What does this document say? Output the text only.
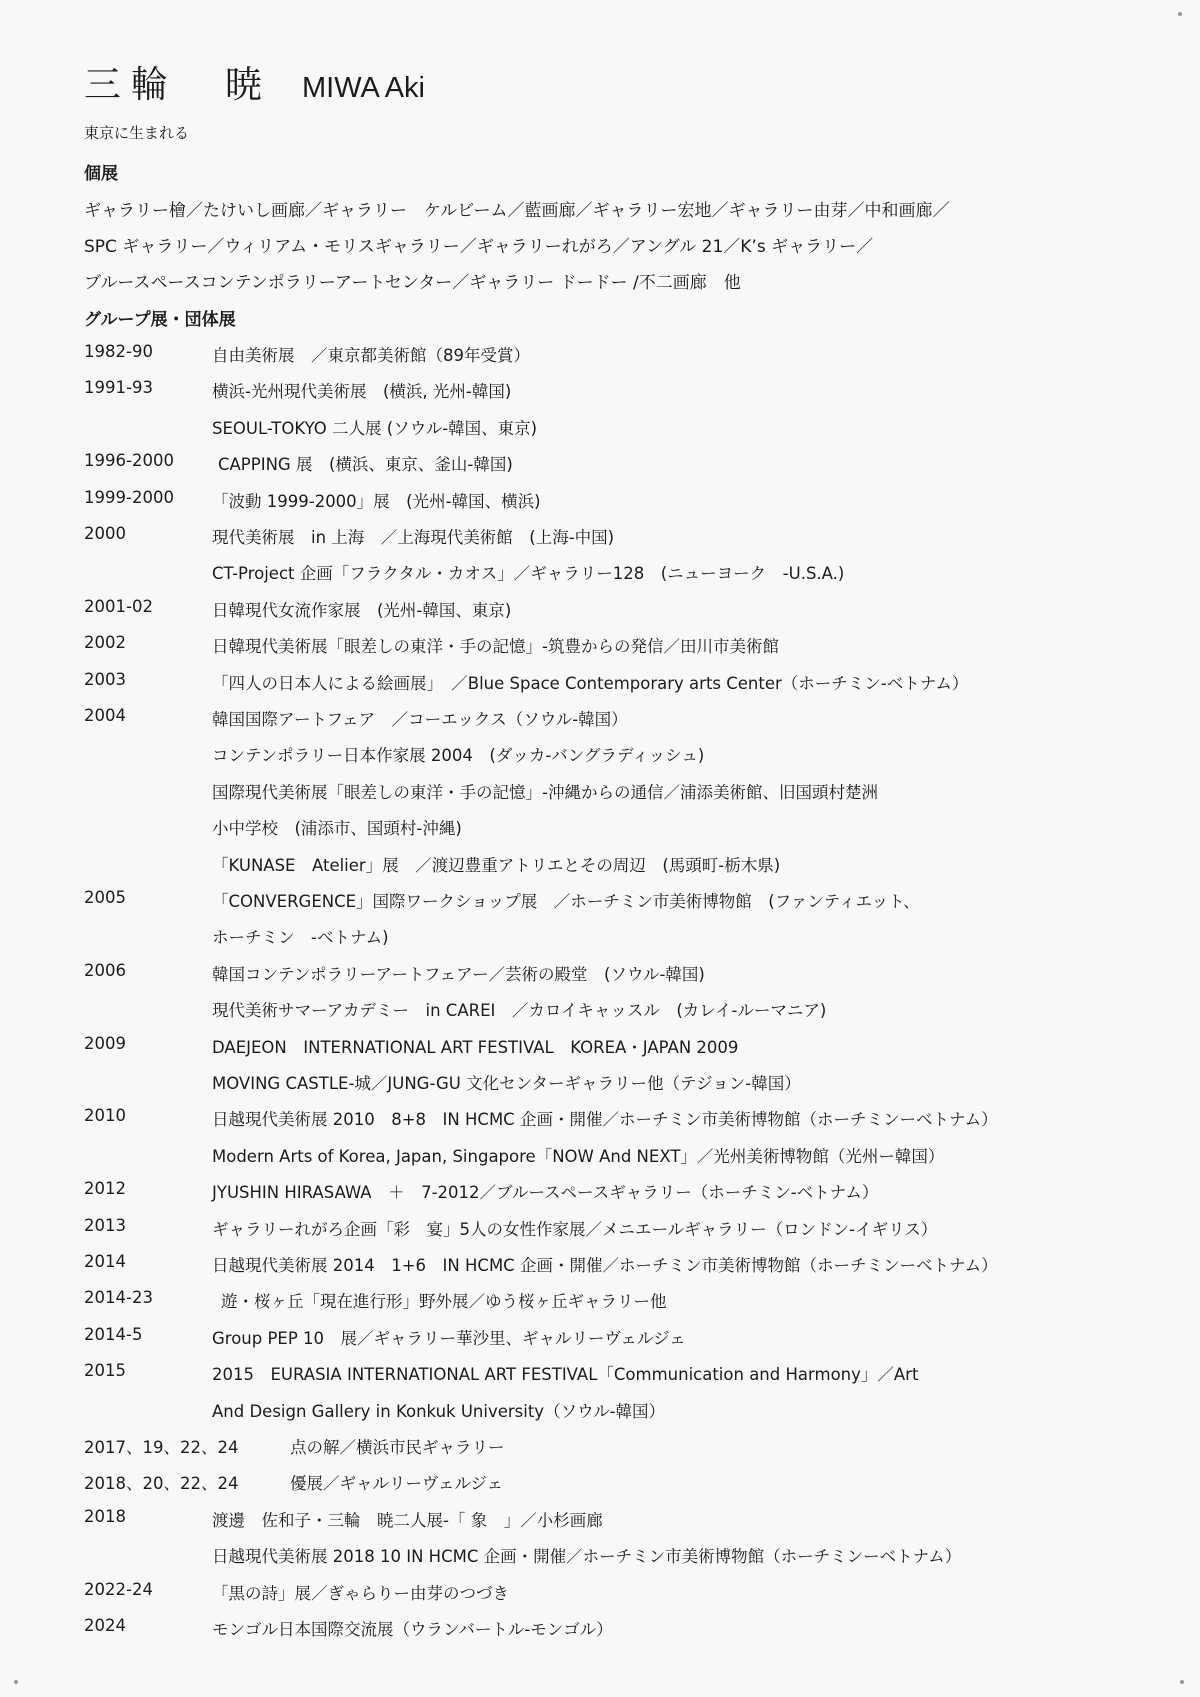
三輪　暁 MIWA Aki
東京に生まれる
個展
ギャラリー檜／たけいし画廊／ギャラリー　ケルビーム／藍画廊／ギャラリー宏地／ギャラリー由芽／中和画廊／
SPC ギャラリー／ウィリアム・モリスギャラリー／ギャラリーれがろ／アングル 21／K’s ギャラリー／
ブルースペースコンテンポラリーアートセンター／ギャラリー ドードー /不二画廊　他
グループ展・団体展
1982-90	自由美術展　／東京都美術館（89年受賞）
1991-93	横浜-光州現代美術展　(横浜, 光州-韓国)
SEOUL-TOKYO 二人展 (ソウル-韓国、東京)
1996-2000	CAPPING 展　(横浜、東京、釜山-韓国)
1999-2000 「波動 1999-2000」展　(光州-韓国、横浜)
2000	現代美術展　in 上海　／上海現代美術館　(上海-中国)
CT-Project 企画「フラクタル・カオス」／ギャラリー128　(ニューヨーク　-U.S.A.)
2001-02	日韓現代女流作家展　(光州-韓国、東京)
2002	日韓現代美術展「眼差しの東洋・手の記憶」-筑豊からの発信／田川市美術館
2003	「四人の日本人による絵画展」　／Blue Space Contemporary arts Center（ホーチミン-ベトナム）
2004	韓国国際アートフェア　／コーエックス（ソウル-韓国）
コンテンポラリー日本作家展 2004　(ダッカ-バングラディッシュ)
国際現代美術展「眼差しの東洋・手の記憶」-沖縄からの通信／浦添美術館、旧国頭村楚洲
小中学校　(浦添市、国頭村-沖縄)
「KUNASE　Atelier」展　／渡辺豊重アトリエとその周辺　(馬頭町-栃木県)
2005	「CONVERGENCE」国際ワークショップ展　／ホーチミン市美術博物館　(ファンティエット、
ホーチミン　-ベトナム)
2006	韓国コンテンポラリーアートフェアー／芸術の殿堂　(ソウル-韓国)
現代美術サマーアカデミー　in CAREI　／カロイキャッスル　(カレイ-ルーマニア)
2009	DAEJEON　INTERNATIONAL ART FESTIVAL　KOREA・JAPAN 2009
MOVING CASTLE-城／JUNG-GU 文化センターギャラリー他（テジョン-韓国）
2010	日越現代美術展 2010　8+8　IN HCMC 企画・開催／ホーチミン市美術博物館（ホーチミンーベトナム）
Modern Arts of Korea, Japan, Singapore「NOW And NEXT」／光州美術博物館（光州ー韓国）
2012	JYUSHIN HIRASAWA　＋　7-2012／ブルースペースギャラリー（ホーチミン-ベトナム）
2013	ギャラリーれがろ企画「彩　宴」5人の女性作家展／メニエールギャラリー（ロンドン-イギリス）
2014	日越現代美術展 2014　1+6　IN HCMC 企画・開催／ホーチミン市美術博物館（ホーチミンーベトナム）
2014-23	遊・桜ヶ丘「現在進行形」野外展／ゆう桜ヶ丘ギャラリー他
2014-5	Group PEP 10　展／ギャラリー華沙里、ギャルリーヴェルジェ
2015	2015　EURASIA INTERNATIONAL ART FESTIVAL「Communication and Harmony」／Art
And Design Gallery in Konkuk University（ソウル-韓国）
2017、19、22、24	点の解／横浜市民ギャラリー
2018、20、22、24	優展／ギャルリーヴェルジェ
2018	渡邊　佐和子・三輪　暁二人展-「 象　」／小杉画廊
日越現代美術展 2018 10 IN HCMC 企画・開催／ホーチミン市美術博物館（ホーチミンーベトナム）
2022-24	「黒の詩」展／ぎゃらりー由芽のつづき
2024	モンゴル日本国際交流展（ウランバートル-モンゴル）
